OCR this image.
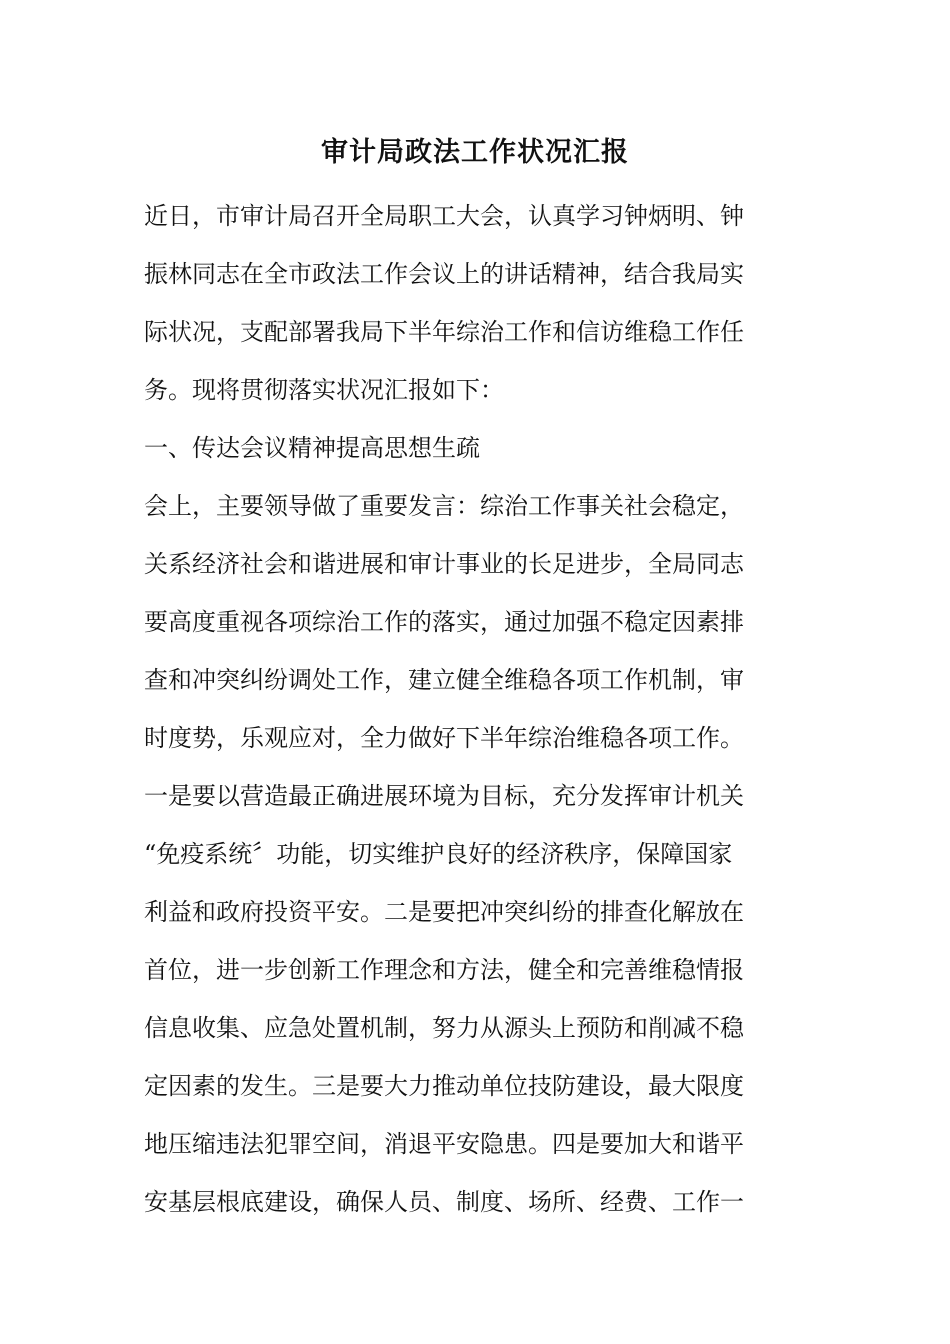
审计局政法工作状况汇报
近日，市审计局召开全局职工大会，认真学习钟炳明、钟
振林同志在全市政法工作会议上的讲话精神，结合我局实
际状况，支配部署我局下半年综治工作和信访维稳工作任
务。现将贯彻落实状况汇报如下：
一、传达会议精神提高思想生疏
会上，主要领导做了重要发言：综治工作事关社会稳定，
关系经济社会和谐进展和审计事业的长足进步，全局同志
要高度重视各项综治工作的落实，通过加强不稳定因素排
查和冲突纠纷调处工作，建立健全维稳各项工作机制，审
时度势，乐观应对，全力做好下半年综治维稳各项工作。
一是要以营造最正确进展环境为目标，充分发挥审计机关
“免疫系统〞功能，切实维护良好的经济秩序，保障国家
利益和政府投资平安。二是要把冲突纠纷的排查化解放在
首位，进一步创新工作理念和方法，健全和完善维稳情报
信息收集、应急处置机制，努力从源头上预防和削减不稳
定因素的发生。三是要大力推动单位技防建设，最大限度
地压缩违法犯罪空间，消退平安隐患。四是要加大和谐平
安基层根底建设，确保人员、制度、场所、经费、工作一
